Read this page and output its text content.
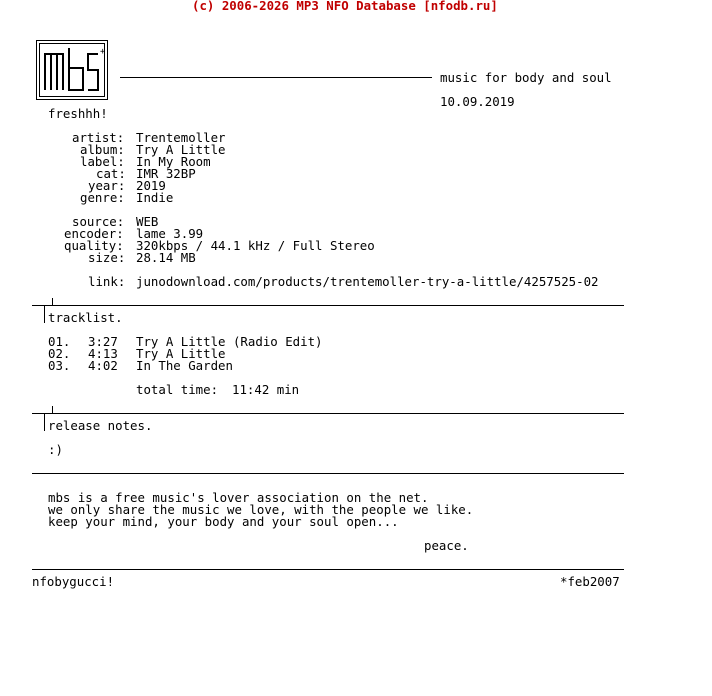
(c) 2006-2026 MP3 NFO Database [nfodb.ru]
+
music for body and soul
10.09.2019
freshhh!
artist: Trentemoller
album: Try A Little
label: In My Room
cat: IMR 32BP
year: 2019
genre: Indie
source: WEB
encoder: lame 3.99
quality: 320kbps / 44.1 kHz / Full Stereo
size: 28.14 MB
link: junodownload.com/products/trentemoller-try-a-little/4257525-02
tracklist.
01. 3:27 Try A Little (Radio Edit)
02. 4:13 Try A Little
03. 4:02 In The Garden
total time: 11:42 min
release notes.
:)
mbs is a free music's lover association on the net.
we only share the music we love, with the people we like.
keep your mind, your body and your soul open...
peace.
nfobygucci!	*feb2007
